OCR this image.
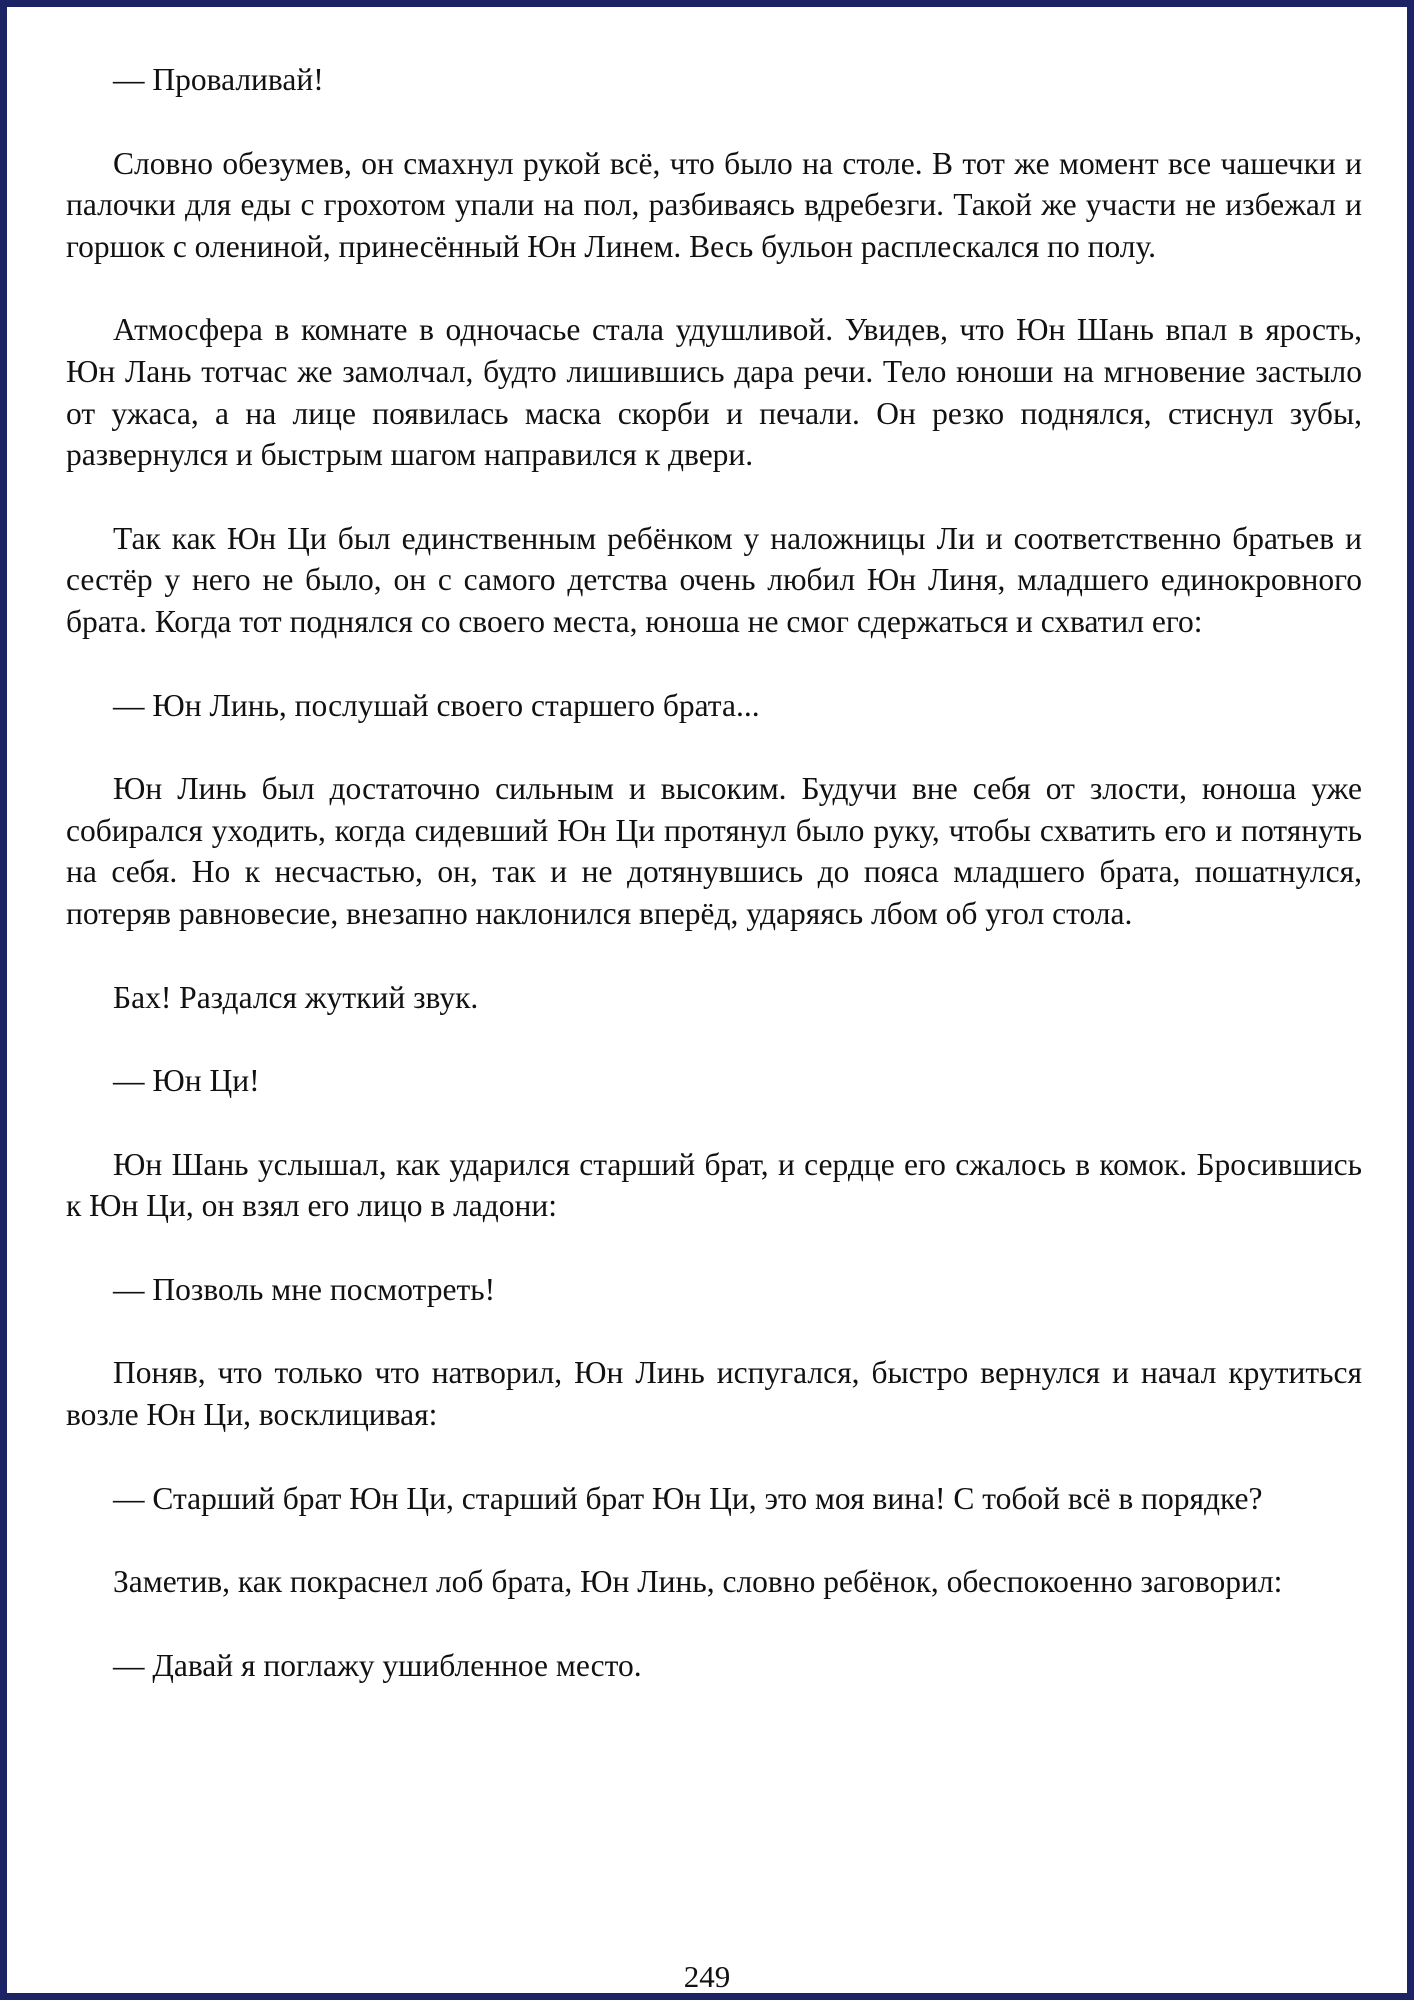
— Проваливай!

Словно обезумев, он смахнул рукой всё, что было на столе. В тот же момент все чашечки и палочки для еды с грохотом упали на пол, разбиваясь вдребезги. Такой же участи не избежал и горшок с олениной, принесённый Юн Линем. Весь бульон расплескался по полу.

Атмосфера в комнате в одночасье стала удушливой. Увидев, что Юн Шань впал в ярость, Юн Лань тотчас же замолчал, будто лишившись дара речи. Тело юноши на мгновение застыло от ужаса, а на лице появилась маска скорби и печали. Он резко поднялся, стиснул зубы, развернулся и быстрым шагом направился к двери.

Так как Юн Ци был единственным ребёнком у наложницы Ли и соответственно братьев и сестёр у него не было, он с самого детства очень любил Юн Линя, младшего единокровного брата. Когда тот поднялся со своего места, юноша не смог сдержаться и схватил его:

— Юн Линь, послушай своего старшего брата...

Юн Линь был достаточно сильным и высоким. Будучи вне себя от злости, юноша уже собирался уходить, когда сидевший Юн Ци протянул было руку, чтобы схватить его и потянуть на себя. Но к несчастью, он, так и не дотянувшись до пояса младшего брата, пошатнулся, потеряв равновесие, внезапно наклонился вперёд, ударяясь лбом об угол стола.

Бах! Раздался жуткий звук.

— Юн Ци!

Юн Шань услышал, как ударился старший брат, и сердце его сжалось в комок. Бросившись к Юн Ци, он взял его лицо в ладони:

— Позволь мне посмотреть!

Поняв, что только что натворил, Юн Линь испугался, быстро вернулся и начал крутиться возле Юн Ци, восклицивая:

— Старший брат Юн Ци, старший брат Юн Ци, это моя вина! С тобой всё в порядке?

Заметив, как покраснел лоб брата, Юн Линь, словно ребёнок, обеспокоенно заговорил:

— Давай я поглажу ушибленное место.

249
